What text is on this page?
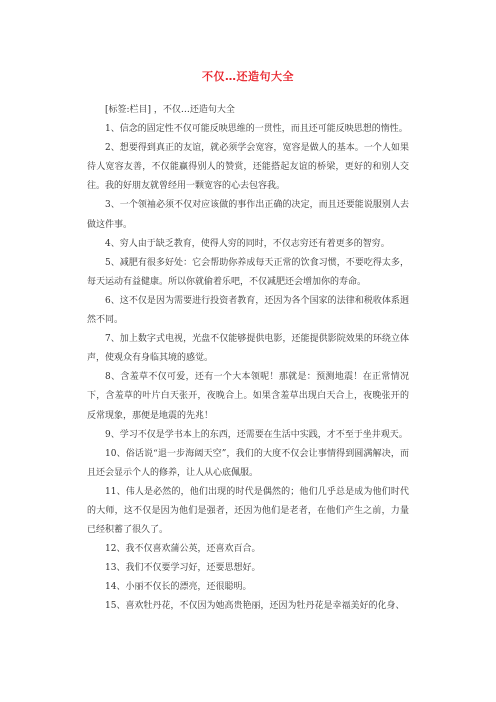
不仅…还造句大全

[标签:栏目] ，不仅…还造句大全

1、信念的固定性不仅可能反映思维的一贯性，而且还可能反映思想的惰性。

2、想要得到真正的友谊，就必须学会宽容，宽容是做人的基本。一个人如果待人宽容友善，不仅能赢得别人的赞赏，还能搭起友谊的桥梁，更好的和别人交往。我的好朋友就曾经用一颗宽容的心去包容我。

3、一个领袖必须不仅对应该做的事作出正确的决定，而且还要能说服别人去做这件事。

4、穷人由于缺乏教育，使得人穷的同时，不仅志穷还有着更多的智穷。

5、减肥有很多好处：它会帮助你养成每天正常的饮食习惯，不要吃得太多，每天运动有益健康。所以你就偷着乐吧，不仅减肥还会增加你的寿命。

6、这不仅是因为需要进行投资者教育，还因为各个国家的法律和税收体系迥然不同。

7、加上数字式电视，光盘不仅能够提供电影，还能提供影院效果的环绕立体声，使观众有身临其境的感觉。

8、含羞草不仅可爱，还有一个大本领呢！那就是：预测地震！在正常情况下，含羞草的叶片白天张开，夜晚合上。如果含羞草出现白天合上，夜晚张开的反常现象，那便是地震的先兆！

9、学习不仅是学书本上的东西，还需要在生活中实践，才不至于坐井观天。

10、俗话说“退一步海阔天空”，我们的大度不仅会让事情得到圆满解决，而且还会显示个人的修养，让人从心底佩服。

11、伟人是必然的，他们出现的时代是偶然的；他们几乎总是成为他们时代的大师，这不仅是因为他们是强者，还因为他们是老者，在他们产生之前，力量已经积蓄了很久了。

12、我不仅喜欢蒲公英，还喜欢百合。

13、我们不仅要学习好，还要思想好。

14、小丽不仅长的漂亮，还很聪明。

15、喜欢牡丹花，不仅因为她高贵艳丽，还因为牡丹花是幸福美好的化身、
